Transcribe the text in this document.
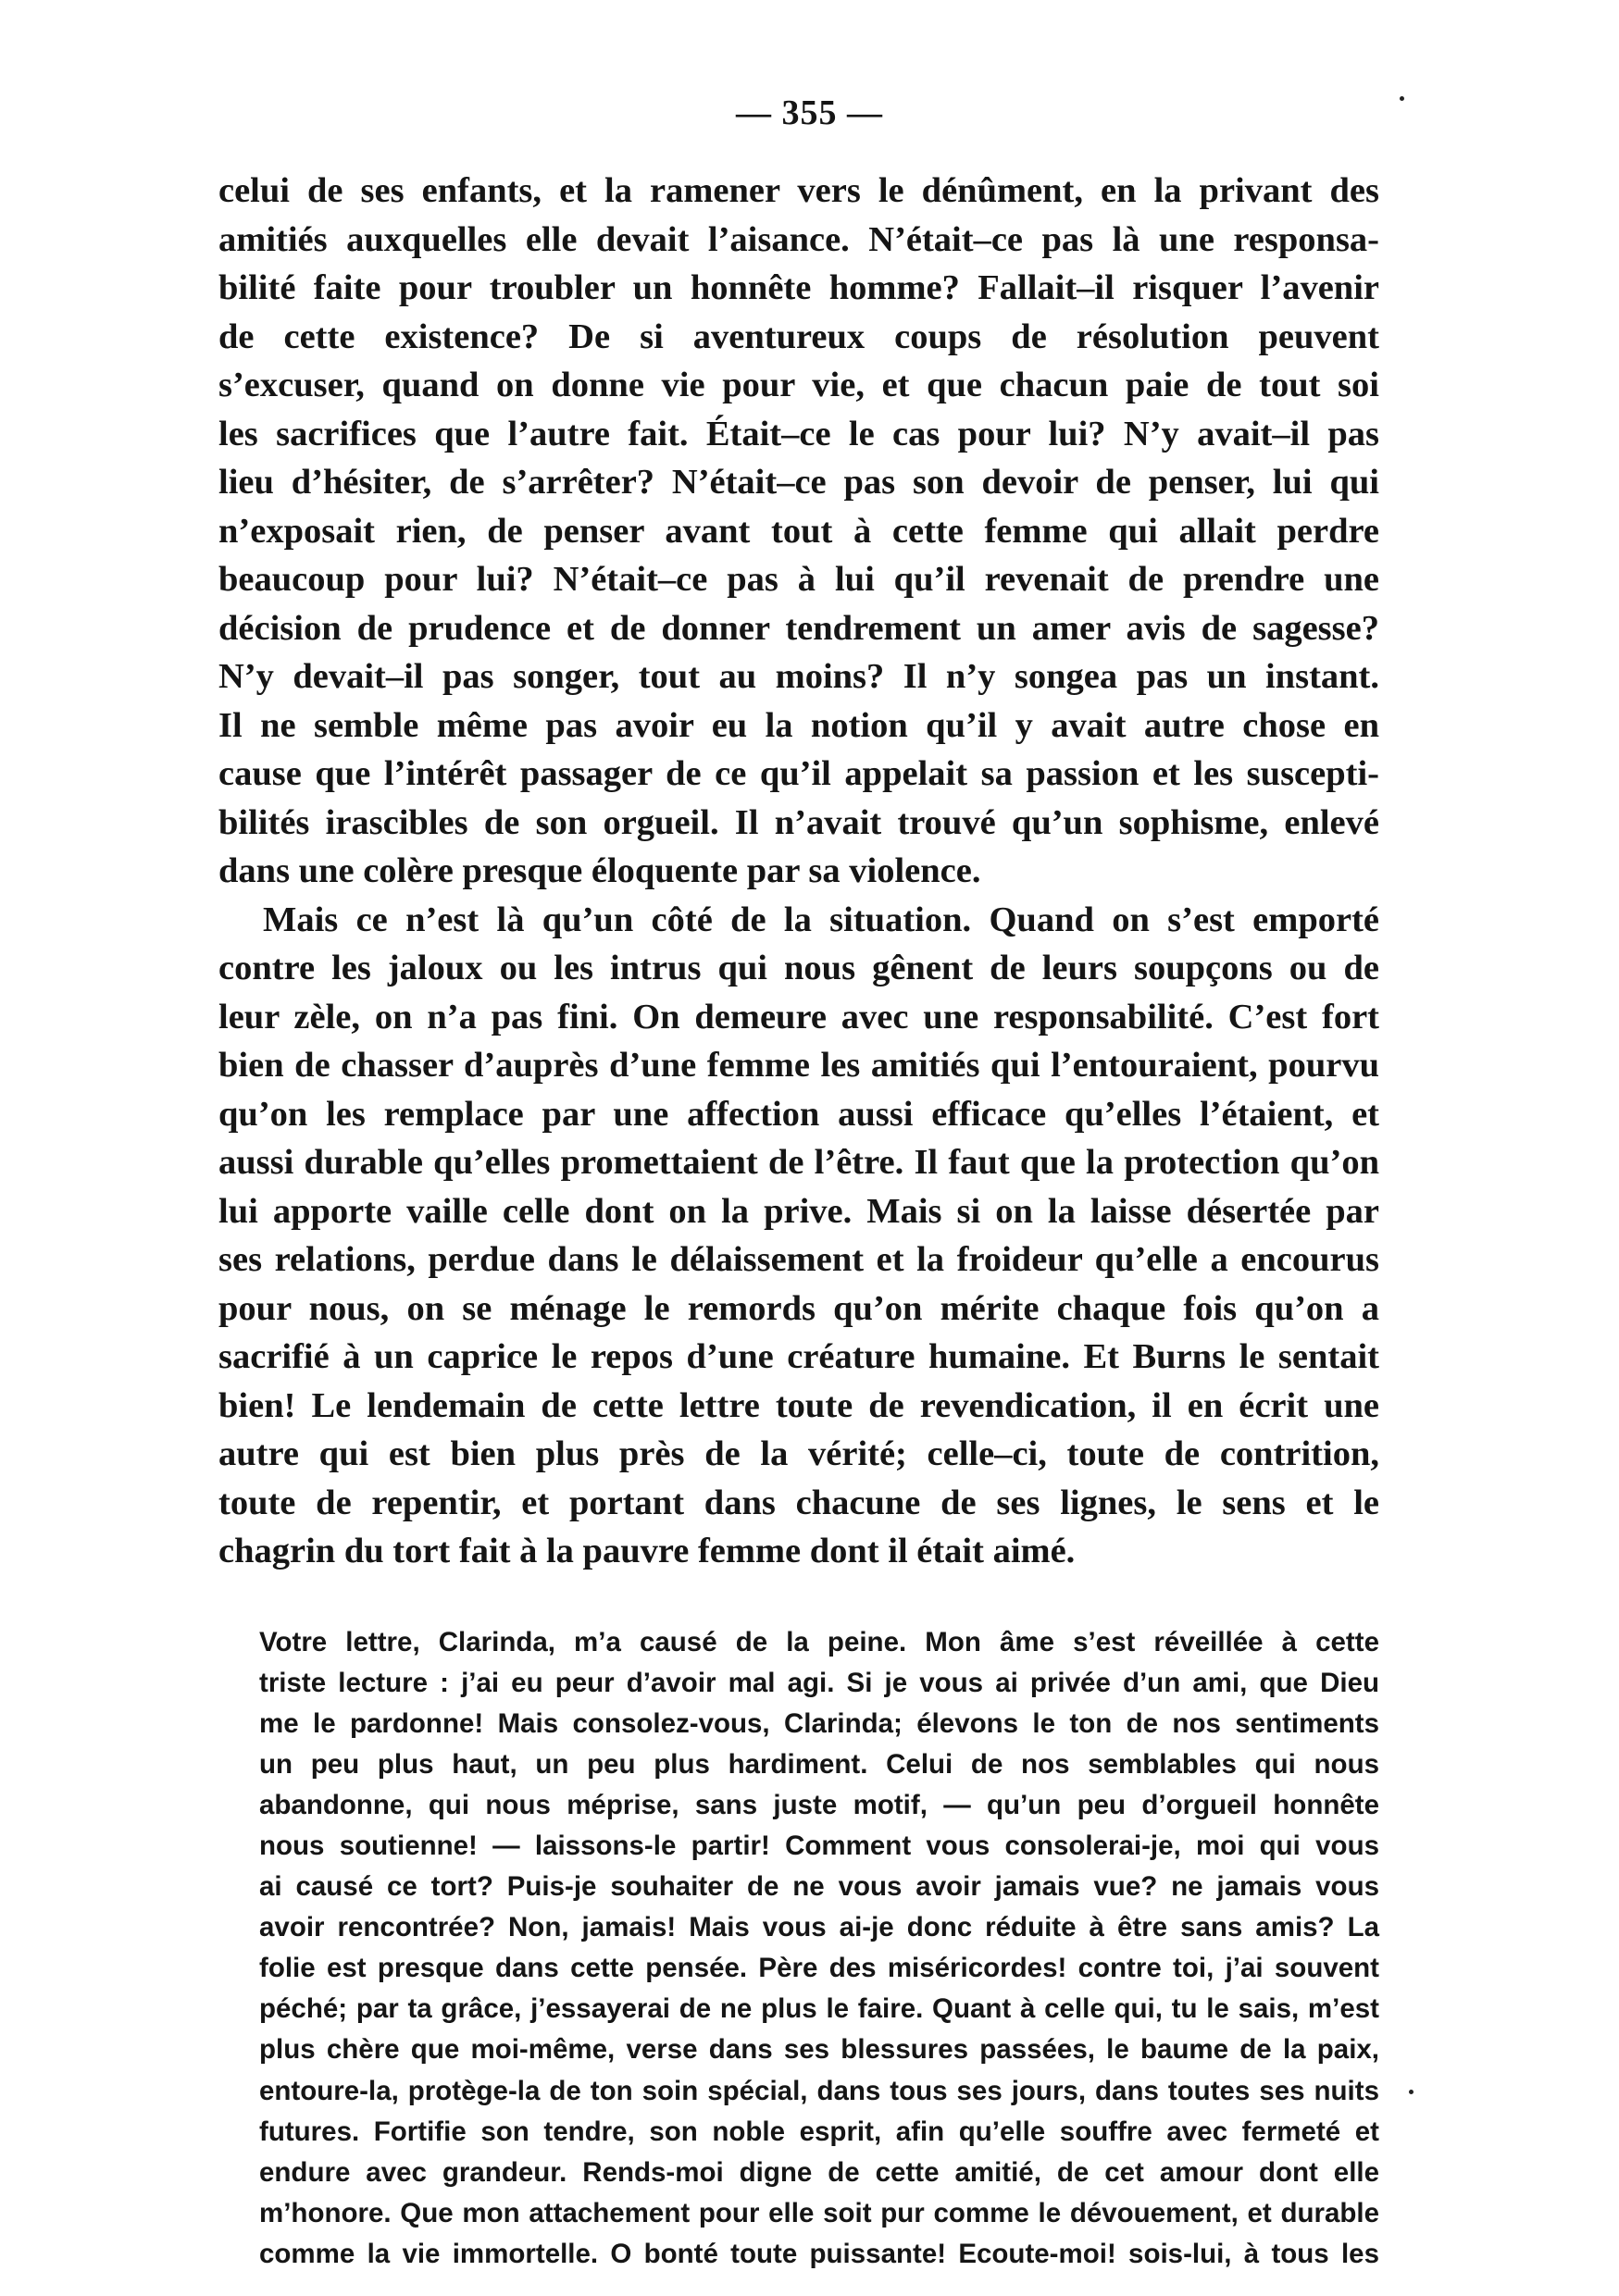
— 355 —
celui de ses enfants, et la ramener vers le dénûment, en la privant des
amitiés auxquelles elle devait l’aisance. N’était–ce pas là une responsa-
bilité faite pour troubler un honnête homme? Fallait–il risquer l’avenir
de cette existence? De si aventureux coups de résolution peuvent
s’excuser, quand on donne vie pour vie, et que chacun paie de tout soi
les sacrifices que l’autre fait. Était–ce le cas pour lui? N’y avait–il pas
lieu d’hésiter, de s’arrêter? N’était–ce pas son devoir de penser, lui qui
n’exposait rien, de penser avant tout à cette femme qui allait perdre
beaucoup pour lui? N’était–ce pas à lui qu’il revenait de prendre une
décision de prudence et de donner tendrement un amer avis de sagesse?
N’y devait–il pas songer, tout au moins? Il n’y songea pas un instant.
Il ne semble même pas avoir eu la notion qu’il y avait autre chose en
cause que l’intérêt passager de ce qu’il appelait sa passion et les suscepti-
bilités irascibles de son orgueil. Il n’avait trouvé qu’un sophisme, enlevé
dans une colère presque éloquente par sa violence.
Mais ce n’est là qu’un côté de la situation. Quand on s’est emporté
contre les jaloux ou les intrus qui nous gênent de leurs soupçons ou de
leur zèle, on n’a pas fini. On demeure avec une responsabilité. C’est fort
bien de chasser d’auprès d’une femme les amitiés qui l’entouraient, pourvu
qu’on les remplace par une affection aussi efficace qu’elles l’étaient, et
aussi durable qu’elles promettaient de l’être. Il faut que la protection qu’on
lui apporte vaille celle dont on la prive. Mais si on la laisse désertée par
ses relations, perdue dans le délaissement et la froideur qu’elle a encourus
pour nous, on se ménage le remords qu’on mérite chaque fois qu’on a
sacrifié à un caprice le repos d’une créature humaine. Et Burns le sentait
bien! Le lendemain de cette lettre toute de revendication, il en écrit une
autre qui est bien plus près de la vérité; celle–ci, toute de contrition,
toute de repentir, et portant dans chacune de ses lignes, le sens et le
chagrin du tort fait à la pauvre femme dont il était aimé.
Votre lettre, Clarinda, m’a causé de la peine. Mon âme s’est réveillée à cette
triste lecture : j’ai eu peur d’avoir mal agi. Si je vous ai privée d’un ami, que Dieu
me le pardonne! Mais consolez-vous, Clarinda; élevons le ton de nos sentiments
un peu plus haut, un peu plus hardiment. Celui de nos semblables qui nous
abandonne, qui nous méprise, sans juste motif, — qu’un peu d’orgueil honnête
nous soutienne! — laissons-le partir! Comment vous consolerai-je, moi qui vous
ai causé ce tort? Puis-je souhaiter de ne vous avoir jamais vue? ne jamais vous
avoir rencontrée? Non, jamais! Mais vous ai-je donc réduite à être sans amis? La
folie est presque dans cette pensée. Père des miséricordes! contre toi, j’ai souvent
péché; par ta grâce, j’essayerai de ne plus le faire. Quant à celle qui, tu le sais, m’est
plus chère que moi-même, verse dans ses blessures passées, le baume de la paix,
entoure-la, protège-la de ton soin spécial, dans tous ses jours, dans toutes ses nuits
futures. Fortifie son tendre, son noble esprit, afin qu’elle souffre avec fermeté et
endure avec grandeur. Rends-moi digne de cette amitié, de cet amour dont elle
m’honore. Que mon attachement pour elle soit pur comme le dévouement, et durable
comme la vie immortelle. O bonté toute puissante! Ecoute-moi! sois-lui, à tous les
